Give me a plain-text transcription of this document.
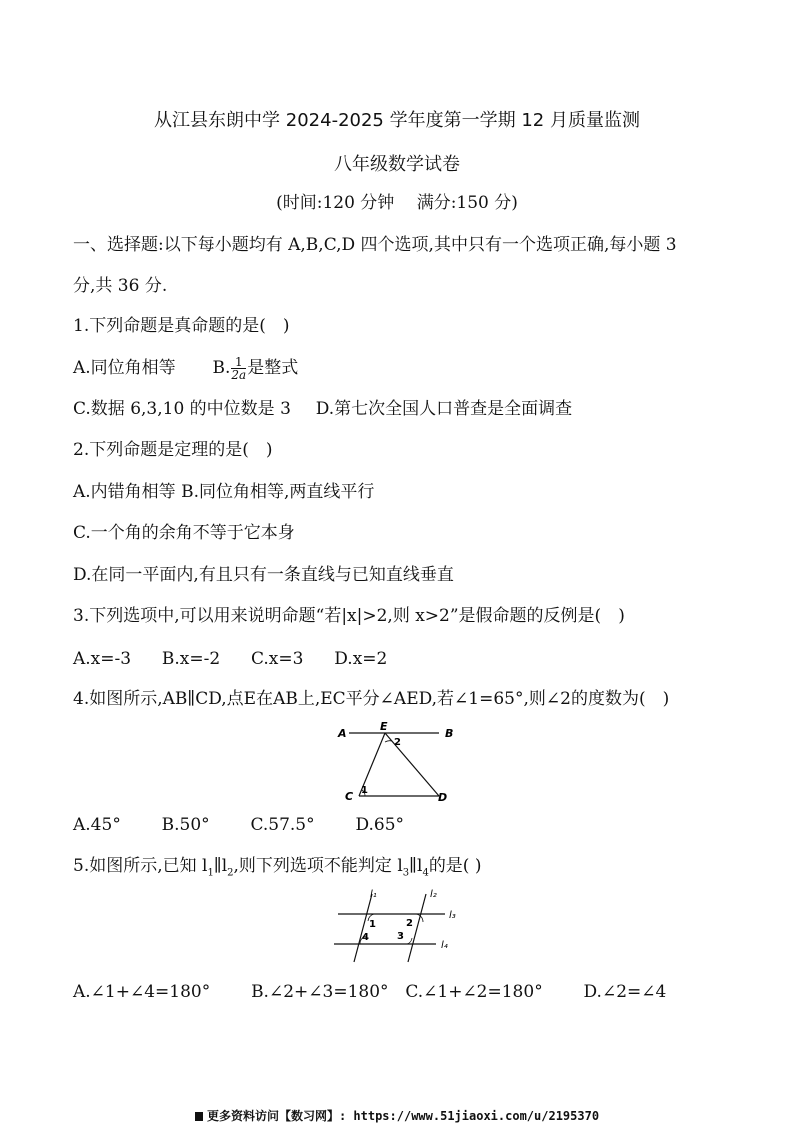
从江县东朗中学 2024-2025 学年度第一学期 12 月质量监测
八年级数学试卷
(时间:120 分钟　 满分:150 分)
一、选择题:以下每小题均有 A,B,C,D 四个选项,其中只有一个选项正确,每小题 3
分,共 36 分.
1.下列命题是真命题的是(　)
A.同位角相等 B. $\frac{1}{2a}$ 是整式
C.数据 6,3,10 的中位数是 3 D.第七次全国人口普查是全面调查
2.下列命题是定理的是(　)
A.内错角相等 B.同位角相等,两直线平行
C.一个角的余角不等于它本身
D.在同一平面内,有且只有一条直线与已知直线垂直
3.下列选项中,可以用来说明命题“若|x|>2,则 x>2”是假命题的反例是(　)
A.x=-3 B.x=-2 C.x=3 D.x=2
4.如图所示,AB∥CD,点E在AB上,EC平分∠AED,若∠1=65°,则∠2的度数为(　)
A
E
B
C	D
1
2
A.45° B.50° C.57.5° D.65°
5.如图所示,已知 $l_1\parallel l_2$,则下列选项不能判定 $l_3\parallel l_4$的是( )
l₁	l₂
l₃
l₄
1	2
3
4
A.∠1+∠4=180° B.∠2+∠3=180° C.∠1+∠2=180° D.∠2=∠4
更多资料访问【数习网】: https://www.51jiaoxi.com/u/2195370
